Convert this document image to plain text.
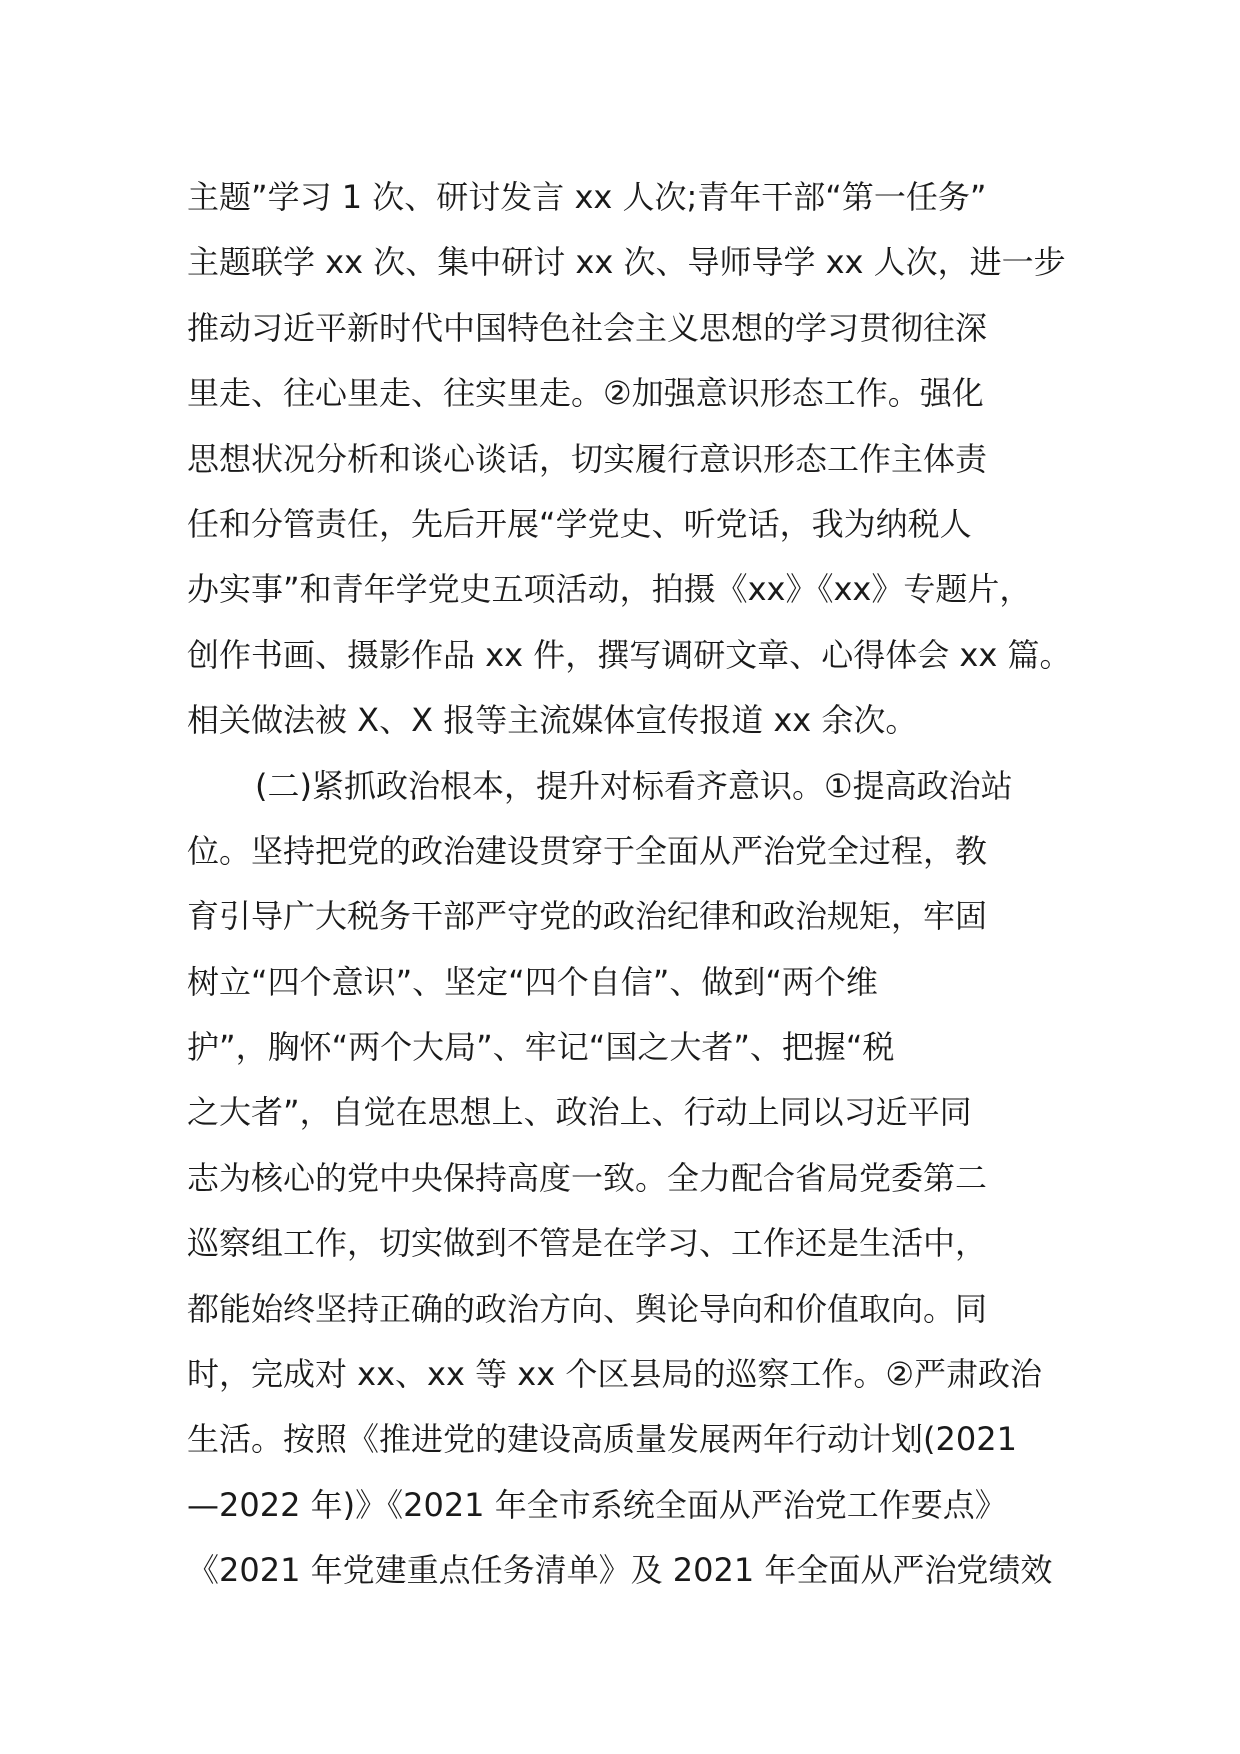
主题”学习 1 次、研讨发言 xx 人次;青年干部“第一任务”
主题联学 xx 次、集中研讨 xx 次、导师导学 xx 人次，进一步
推动习近平新时代中国特色社会主义思想的学习贯彻往深
里走、往心里走、往实里走。②加强意识形态工作。强化
思想状况分析和谈心谈话，切实履行意识形态工作主体责
任和分管责任，先后开展“学党史、听党话，我为纳税人
办实事”和青年学党史五项活动，拍摄《xx》《xx》专题片，
创作书画、摄影作品 xx 件，撰写调研文章、心得体会 xx 篇。
相关做法被 X、X 报等主流媒体宣传报道 xx 余次。
(二)紧抓政治根本，提升对标看齐意识。①提高政治站
位。坚持把党的政治建设贯穿于全面从严治党全过程，教
育引导广大税务干部严守党的政治纪律和政治规矩，牢固
树立“四个意识”、坚定“四个自信”、做到“两个维
护”，胸怀“两个大局”、牢记“国之大者”、把握“税
之大者”，自觉在思想上、政治上、行动上同以习近平同
志为核心的党中央保持高度一致。全力配合省局党委第二
巡察组工作，切实做到不管是在学习、工作还是生活中，
都能始终坚持正确的政治方向、舆论导向和价值取向。同
时，完成对 xx、xx 等 xx 个区县局的巡察工作。②严肃政治
生活。按照《推进党的建设高质量发展两年行动计划(2021
—2022 年)》《2021 年全市系统全面从严治党工作要点》
《2021 年党建重点任务清单》及 2021 年全面从严治党绩效
